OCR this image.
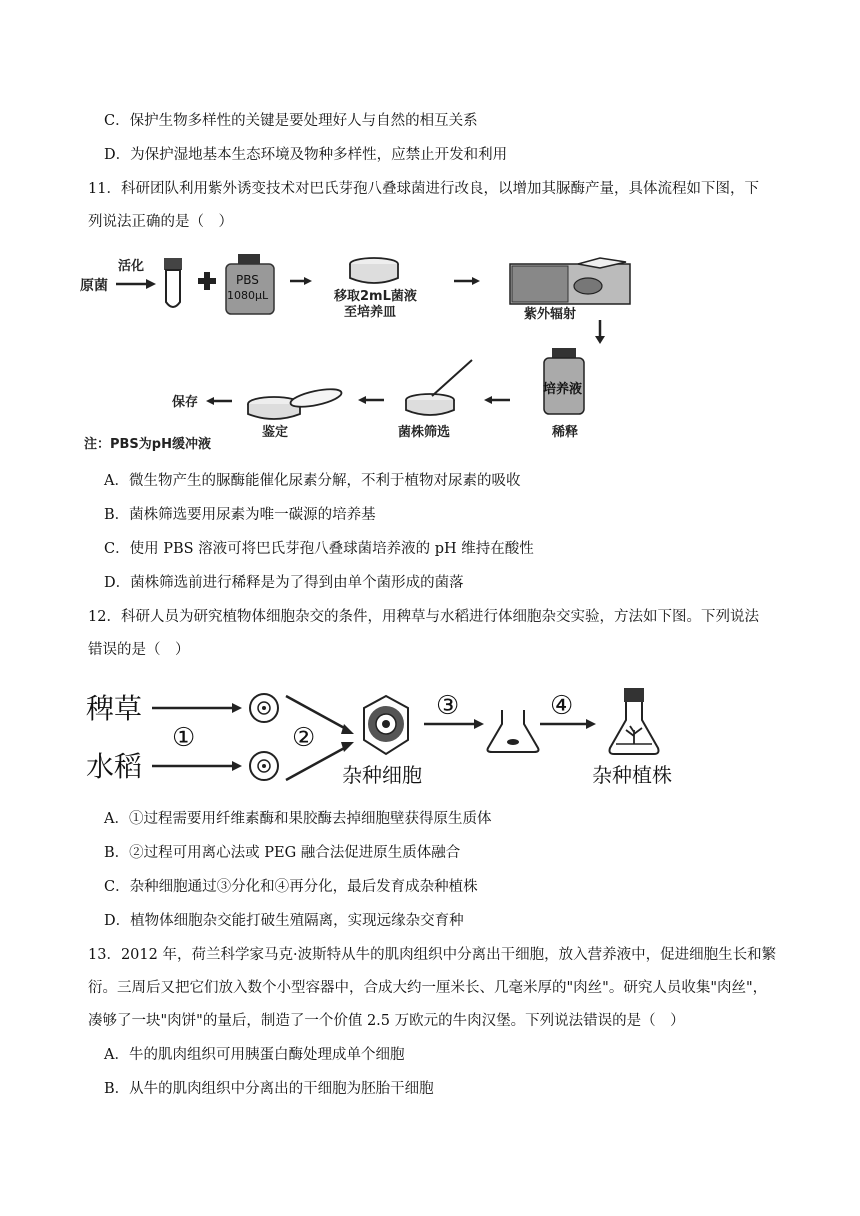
C．保护生物多样性的关键是要处理好人与自然的相互关系
D．为保护湿地基本生态环境及物种多样性，应禁止开发和利用
11．科研团队利用紫外诱变技术对巴氏芽孢八叠球菌进行改良，以增加其脲酶产量，具体流程如下图，下
列说法正确的是（　）
原菌
活化
PBS
1080μL	移取2mL菌液
至培养皿	紫外辐射
培养液
稀释
菌株筛选
鉴定
保存
注：PBS为pH缓冲液
A．微生物产生的脲酶能催化尿素分解，不利于植物对尿素的吸收
B．菌株筛选要用尿素为唯一碳源的培养基
C．使用 PBS 溶液可将巴氏芽孢八叠球菌培养液的 pH 维持在酸性
D．菌株筛选前进行稀释是为了得到由单个菌形成的菌落
12．科研人员为研究植物体细胞杂交的条件，用稗草与水稻进行体细胞杂交实验，方法如下图。下列说法
错误的是（　）
稗草
水稻
①	②
杂种细胞
③	④
杂种植株
A．①过程需要用纤维素酶和果胶酶去掉细胞壁获得原生质体
B．②过程可用离心法或 PEG 融合法促进原生质体融合
C．杂种细胞通过③分化和④再分化，最后发育成杂种植株
D．植物体细胞杂交能打破生殖隔离，实现远缘杂交育种
13．2012 年，荷兰科学家马克·波斯特从牛的肌肉组织中分离出干细胞，放入营养液中，促进细胞生长和繁
衍。三周后又把它们放入数个小型容器中，合成大约一厘米长、几毫米厚的"肉丝"。研究人员收集"肉丝"，
凑够了一块"肉饼"的量后，制造了一个价值 2.5 万欧元的牛肉汉堡。下列说法错误的是（　）
A．牛的肌肉组织可用胰蛋白酶处理成单个细胞
B．从牛的肌肉组织中分离出的干细胞为胚胎干细胞
